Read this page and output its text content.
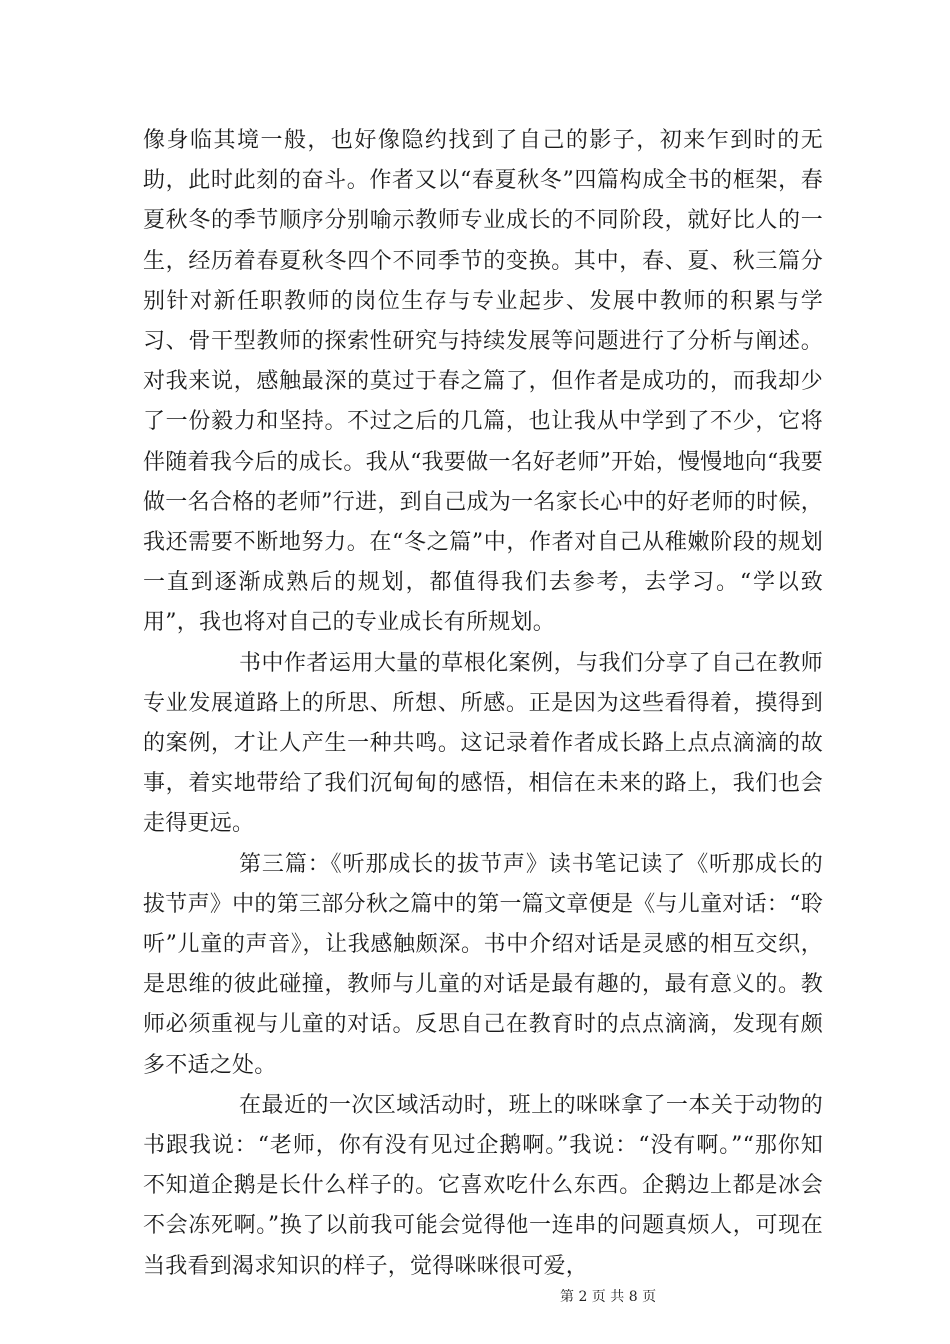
像身临其境一般，也好像隐约找到了自己的影子，初来乍到时的无助，此时此刻的奋斗。作者又以“春夏秋冬”四篇构成全书的框架，春夏秋冬的季节顺序分别喻示教师专业成长的不同阶段，就好比人的一生，经历着春夏秋冬四个不同季节的变换。其中，春、夏、秋三篇分别针对新任职教师的岗位生存与专业起步、发展中教师的积累与学习、骨干型教师的探索性研究与持续发展等问题进行了分析与阐述。对我来说，感触最深的莫过于春之篇了，但作者是成功的，而我却少了一份毅力和坚持。不过之后的几篇，也让我从中学到了不少，它将伴随着我今后的成长。我从“我要做一名好老师”开始，慢慢地向“我要做一名合格的老师”行进，到自己成为一名家长心中的好老师的时候，我还需要不断地努力。在“冬之篇”中，作者对自己从稚嫩阶段的规划一直到逐渐成熟后的规划，都值得我们去参考，去学习。“学以致用”，我也将对自己的专业成长有所规划。

书中作者运用大量的草根化案例，与我们分享了自己在教师专业发展道路上的所思、所想、所感。正是因为这些看得着，摸得到的案例，才让人产生一种共鸣。这记录着作者成长路上点点滴滴的故事，着实地带给了我们沉甸甸的感悟，相信在未来的路上，我们也会走得更远。

第三篇：《听那成长的拔节声》读书笔记读了《听那成长的拔节声》中的第三部分秋之篇中的第一篇文章便是《与儿童对话：“聆听”儿童的声音》，让我感触颇深。书中介绍对话是灵感的相互交织，是思维的彼此碰撞，教师与儿童的对话是最有趣的，最有意义的。教师必须重视与儿童的对话。反思自己在教育时的点点滴滴，发现有颇多不适之处。

在最近的一次区域活动时，班上的咪咪拿了一本关于动物的书跟我说：“老师，你有没有见过企鹅啊。”我说：“没有啊。”“那你知不知道企鹅是长什么样子的。它喜欢吃什么东西。企鹅边上都是冰会不会冻死啊。”换了以前我可能会觉得他一连串的问题真烦人，可现在当我看到渴求知识的样子，觉得咪咪很可爱，

第 2 页 共 8 页
